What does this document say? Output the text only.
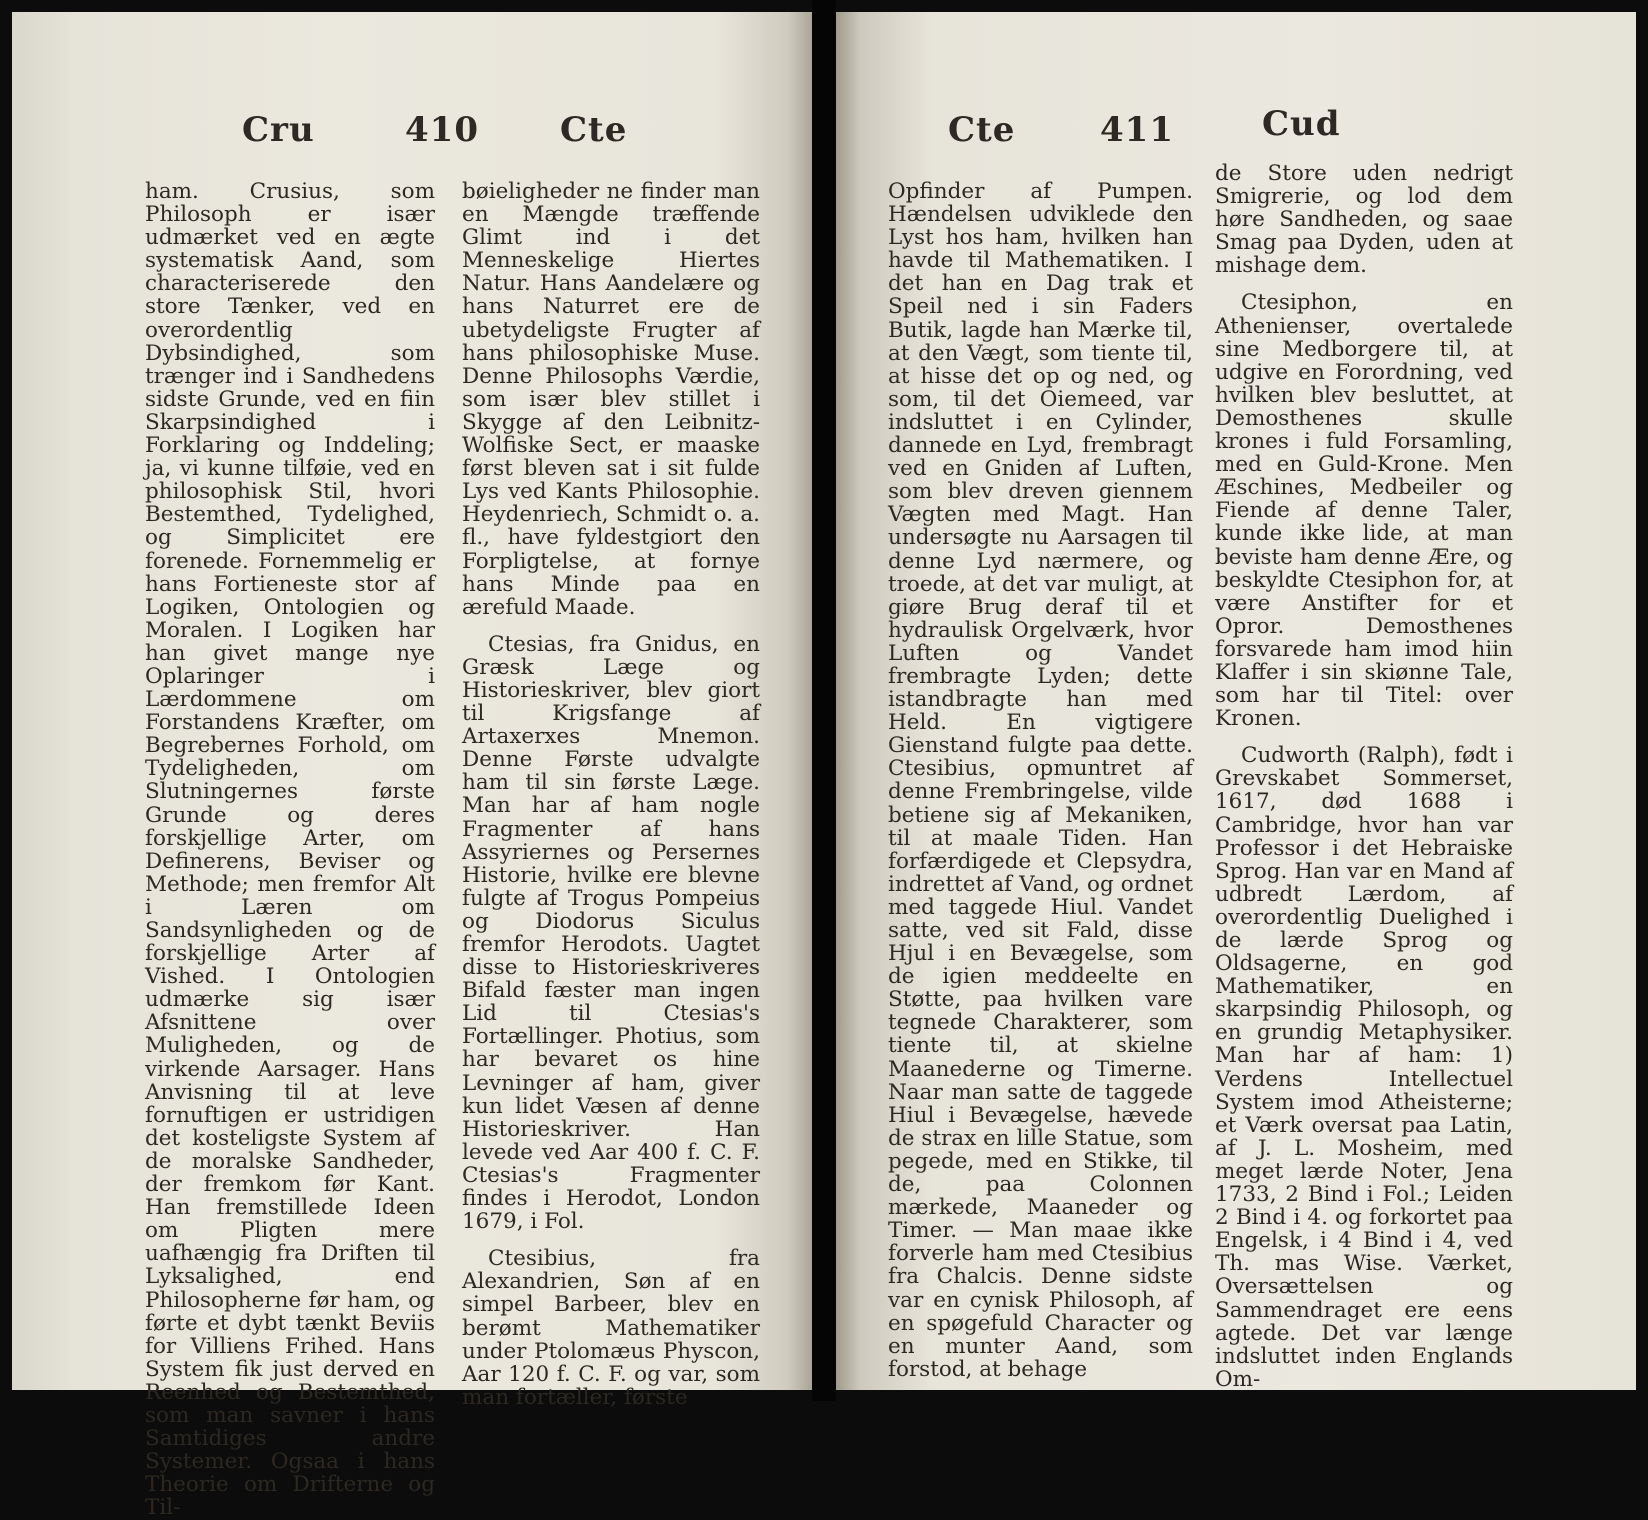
Cru	410 Cte	Cte 411	Cud

ham. Crusius, som Philosoph er især udmærket ved en ægte systematisk Aand, som characteriserede den store Tænker, ved en overordentlig Dybsindighed, som trænger ind i Sandhedens sidste Grunde, ved en fiin Skarpsindighed i Forklaring og Inddeling; ja, vi kunne tilføie, ved en philosophisk Stil, hvori Bestemthed, Tydelighed, og Simplicitet ere forenede. Fornemmelig er hans Fortieneste stor af Logiken, Ontologien og Moralen. I Logiken har han givet mange nye Oplaringer i Lærdommene om Forstandens Kræfter, om Begrebernes Forhold, om Tydeligheden, om Slutningernes første Grunde og deres forskjellige Arter, om Definerens, Beviser og Methode; men fremfor Alt i Læren om Sandsynligheden og de forskjellige Arter af Vished. I Ontologien udmærke sig især Afsnittene over Muligheden, og de virkende Aarsager. Hans Anvisning til at leve fornuftigen er ustridigen det kosteligste System af de moralske Sandheder, der fremkom før Kant. Han fremstillede Ideen om Pligten mere uafhængig fra Driften til Lyksalighed, end Philosopherne før ham, og førte et dybt tænkt Beviis for Villiens Frihed. Hans System fik just derved en Reenhed og Bestemthed, som man savner i hans Samtidiges andre Systemer. Ogsaa i hans Theorie om Drifterne og Til-

bøieligheder ne finder man en Mængde træffende Glimt ind i det Menneskelige Hiertes Natur. Hans Aandelære og hans Naturret ere de ubetydeligste Frugter af hans philosophiske Muse. Denne Philosophs Værdie, som især blev stillet i Skygge af den Leibnitz-Wolfiske Sect, er maaske først bleven sat i sit fulde Lys ved Kants Philosophie. Heydenriech, Schmidt o. a. fl., have fyldestgiort den Forpligtelse, at fornye hans Minde paa en ærefuld Maade.

Ctesias, fra Gnidus, en Græsk Læge og Historieskriver, blev giort til Krigsfange af Artaxerxes Mnemon. Denne Første udvalgte ham til sin første Læge. Man har af ham nogle Fragmenter af hans Assyriernes og Persernes Historie, hvilke ere blevne fulgte af Trogus Pompeius og Diodorus Siculus fremfor Herodots. Uagtet disse to Historieskriveres Bifald fæster man ingen Lid til Ctesias's Fortællinger. Photius, som har bevaret os hine Levninger af ham, giver kun lidet Væsen af denne Historieskriver. Han levede ved Aar 400 f. C. F. Ctesias's Fragmenter findes i Herodot, London 1679, i Fol.

Ctesibius, fra Alexandrien, Søn af en simpel Barbeer, blev en berømt Mathematiker under Ptolomæus Physcon, Aar 120 f. C. F. og var, som man fortæller, første

Opfinder af Pumpen. Hændelsen udviklede den Lyst hos ham, hvilken han havde til Mathematiken. I det han en Dag trak et Speil ned i sin Faders Butik, lagde han Mærke til, at den Vægt, som tiente til, at hisse det op og ned, og som, til det Oiemeed, var indsluttet i en Cylinder, dannede en Lyd, frembragt ved en Gniden af Luften, som blev dreven giennem Vægten med Magt. Han undersøgte nu Aarsagen til denne Lyd nærmere, og troede, at det var muligt, at giøre Brug deraf til et hydraulisk Orgelværk, hvor Luften og Vandet frembragte Lyden; dette istandbragte han med Held. En vigtigere Gienstand fulgte paa dette. Ctesibius, opmuntret af denne Frembringelse, vilde betiene sig af Mekaniken, til at maale Tiden. Han forfærdigede et Clepsydra, indrettet af Vand, og ordnet med taggede Hiul. Vandet satte, ved sit Fald, disse Hjul i en Bevægelse, som de igien meddeelte en Støtte, paa hvilken vare tegnede Charakterer, som tiente til, at skielne Maanederne og Timerne. Naar man satte de taggede Hiul i Bevægelse, hævede de strax en lille Statue, som pegede, med en Stikke, til de, paa Colonnen mærkede, Maaneder og Timer. — Man maae ikke forverle ham med Ctesibius fra Chalcis. Denne sidste var en cynisk Philosoph, af en spøgefuld Character og en munter Aand, som forstod, at behage

de Store uden nedrigt Smigrerie, og lod dem høre Sandheden, og saae Smag paa Dyden, uden at mishage dem.

Ctesiphon, en Athenienser, overtalede sine Medborgere til, at udgive en Forordning, ved hvilken blev besluttet, at Demosthenes skulle krones i fuld Forsamling, med en Guld-Krone. Men Æschines, Medbeiler og Fiende af denne Taler, kunde ikke lide, at man beviste ham denne Ære, og beskyldte Ctesiphon for, at være Anstifter for et Opror. Demosthenes forsvarede ham imod hiin Klaffer i sin skiønne Tale, som har til Titel: over Kronen.

Cudworth (Ralph), født i Grevskabet Sommerset, 1617, død 1688 i Cambridge, hvor han var Professor i det Hebraiske Sprog. Han var en Mand af udbredt Lærdom, af overordentlig Duelighed i de lærde Sprog og Oldsagerne, en god Mathematiker, en skarpsindig Philosoph, og en grundig Metaphysiker. Man har af ham: 1) Verdens Intellectuel System imod Atheisterne; et Værk oversat paa Latin, af J. L. Mosheim, med meget lærde Noter, Jena 1733, 2 Bind i Fol.; Leiden 2 Bind i 4. og forkortet paa Engelsk, i 4 Bind i 4, ved Th. mas Wise. Værket, Oversættelsen og Sammendraget ere eens agtede. Det var længe indsluttet inden Englands Om-
